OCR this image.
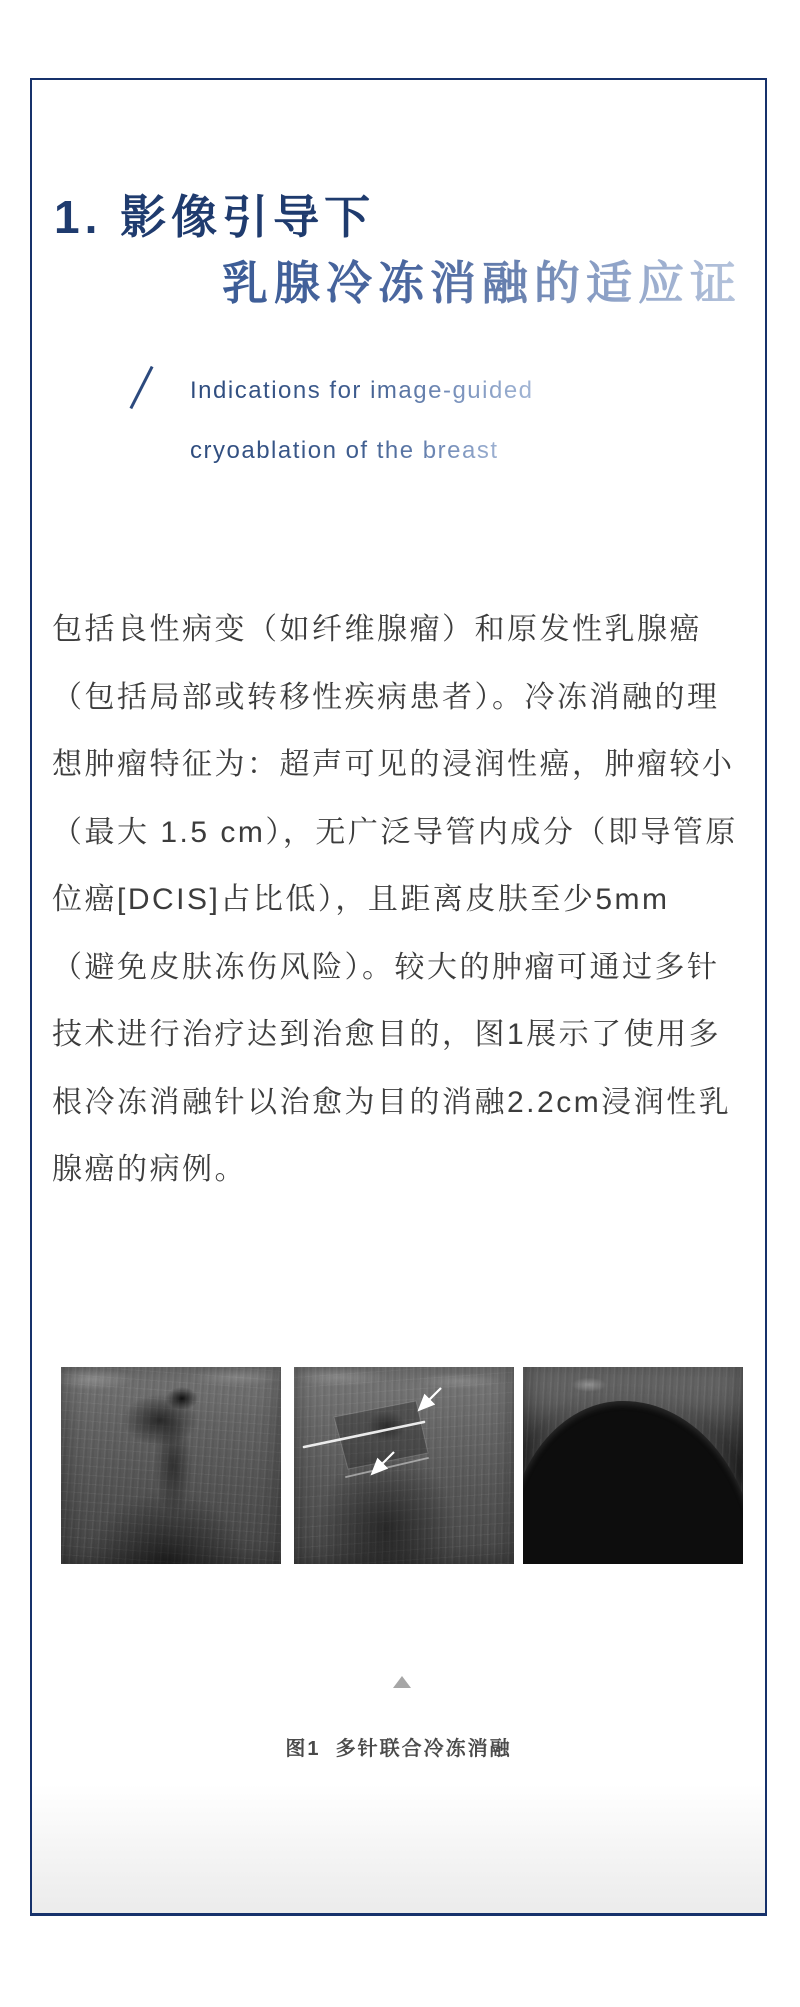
1. 影像引导下
乳腺冷冻消融的适应证

Indications for image-guided

cryoablation of the breast

包括良性病变（如纤维腺瘤）和原发性乳腺癌
（包括局部或转移性疾病患者）。冷冻消融的理
想肿瘤特征为：超声可见的浸润性癌，肿瘤较小
（最大 1.5 cm），无广泛导管内成分（即导管原
位癌[DCIS]占比低），且距离皮肤至少5mm
（避免皮肤冻伤风险）。较大的肿瘤可通过多针
技术进行治疗达到治愈目的，图1展示了使用多
根冷冻消融针以治愈为目的消融2.2cm浸润性乳
腺癌的病例。
图1  多针联合冷冻消融
